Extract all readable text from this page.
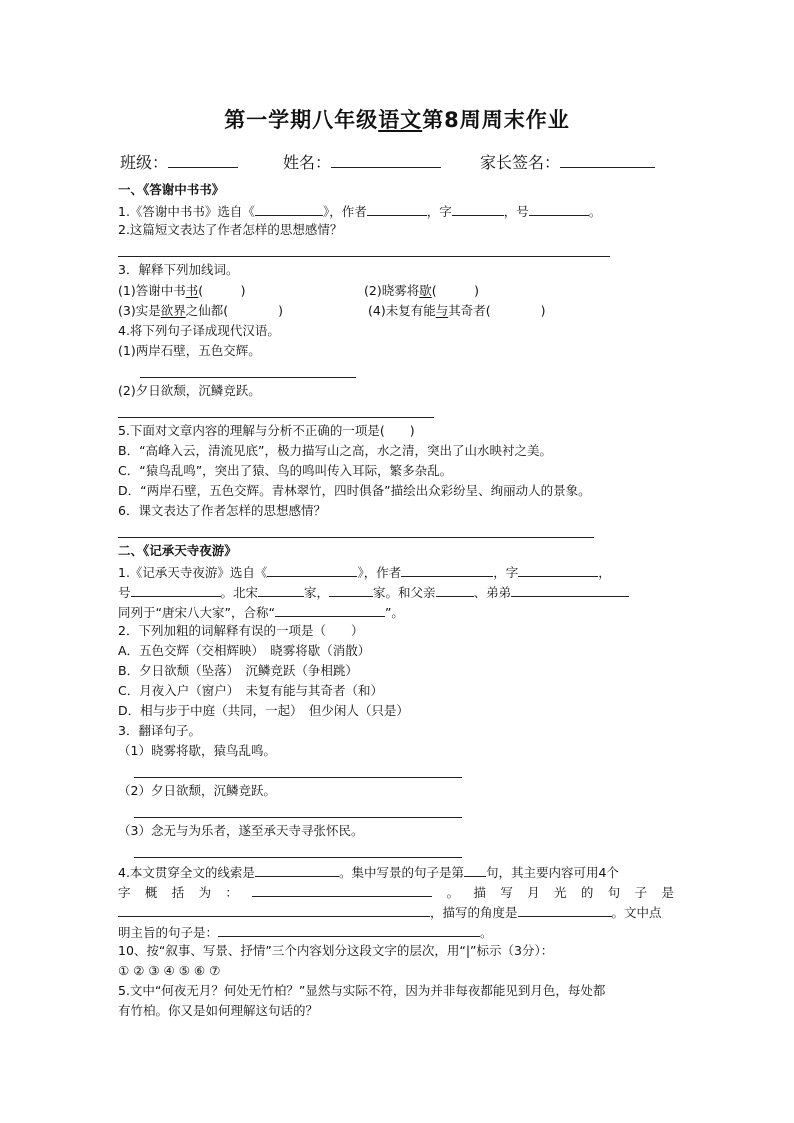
第一学期八年级语文第8周周末作业
班级：	姓名：	家长签名：
一、《答谢中书书》
1.《答谢中书书》选自《	》，作者	，字	，号	。
2.这篇短文表达了作者怎样的思想感情？
3．解释下列加线词。
(1)答谢中书书(　　　)	(2)晓雾将歇(　　　)
(3)实是欲界之仙都(　　　　)	(4)未复有能与其奇者(　　　　)
4.将下列句子译成现代汉语。
(1)两岸石壁，五色交辉。
(2)夕日欲颓，沉鳞竞跃。
5.下面对文章内容的理解与分析不正确的一项是(　　)
B．“高峰入云，清流见底”，极力描写山之高，水之清，突出了山水映衬之美。
C．“猿鸟乱鸣”，突出了猿、鸟的鸣叫传入耳际，繁多杂乱。
D．“两岸石壁，五色交辉。青林翠竹，四时俱备”描绘出众彩纷呈、绚丽动人的景象。
6．课文表达了作者怎样的思想感情？
二、《记承天寺夜游》
1.《记承天寺夜游》选自《	》，作者	，字	，
号	。北宋	家，	家。和父亲	、弟弟
同列于“唐宋八大家”，合称“	”。
2．下列加粗的词解释有误的一项是（　　）
A．五色交辉（交相辉映）　晓雾将歇（消散）
B．夕日欲颓（坠落）　沉鳞竞跃（争相跳）
C．月夜入户（窗户）　未复有能与其奇者（和）
D．相与步于中庭（共同，一起）　但少闲人（只是）
3．翻译句子。
（1）晓雾将歇，猿鸟乱鸣。
（2）夕日欲颓，沉鳞竞跃。
（3）念无与为乐者，遂至承天寺寻张怀民。
4.本文贯穿全文的线索是	。集中写景的句子是第 句，其主要内容可用4个
字概括为：	。描写月光的句子是
，描写的角度是	。文中点
明主旨的句子是：	。
10、按“叙事、写景、抒情”三个内容划分这段文字的层次，用“|”标示（3分）：
① ② ③ ④ ⑤ ⑥ ⑦
5.文中“何夜无月？何处无竹柏？”显然与实际不符，因为并非每夜都能见到月色，每处都
有竹柏。你又是如何理解这句话的？
